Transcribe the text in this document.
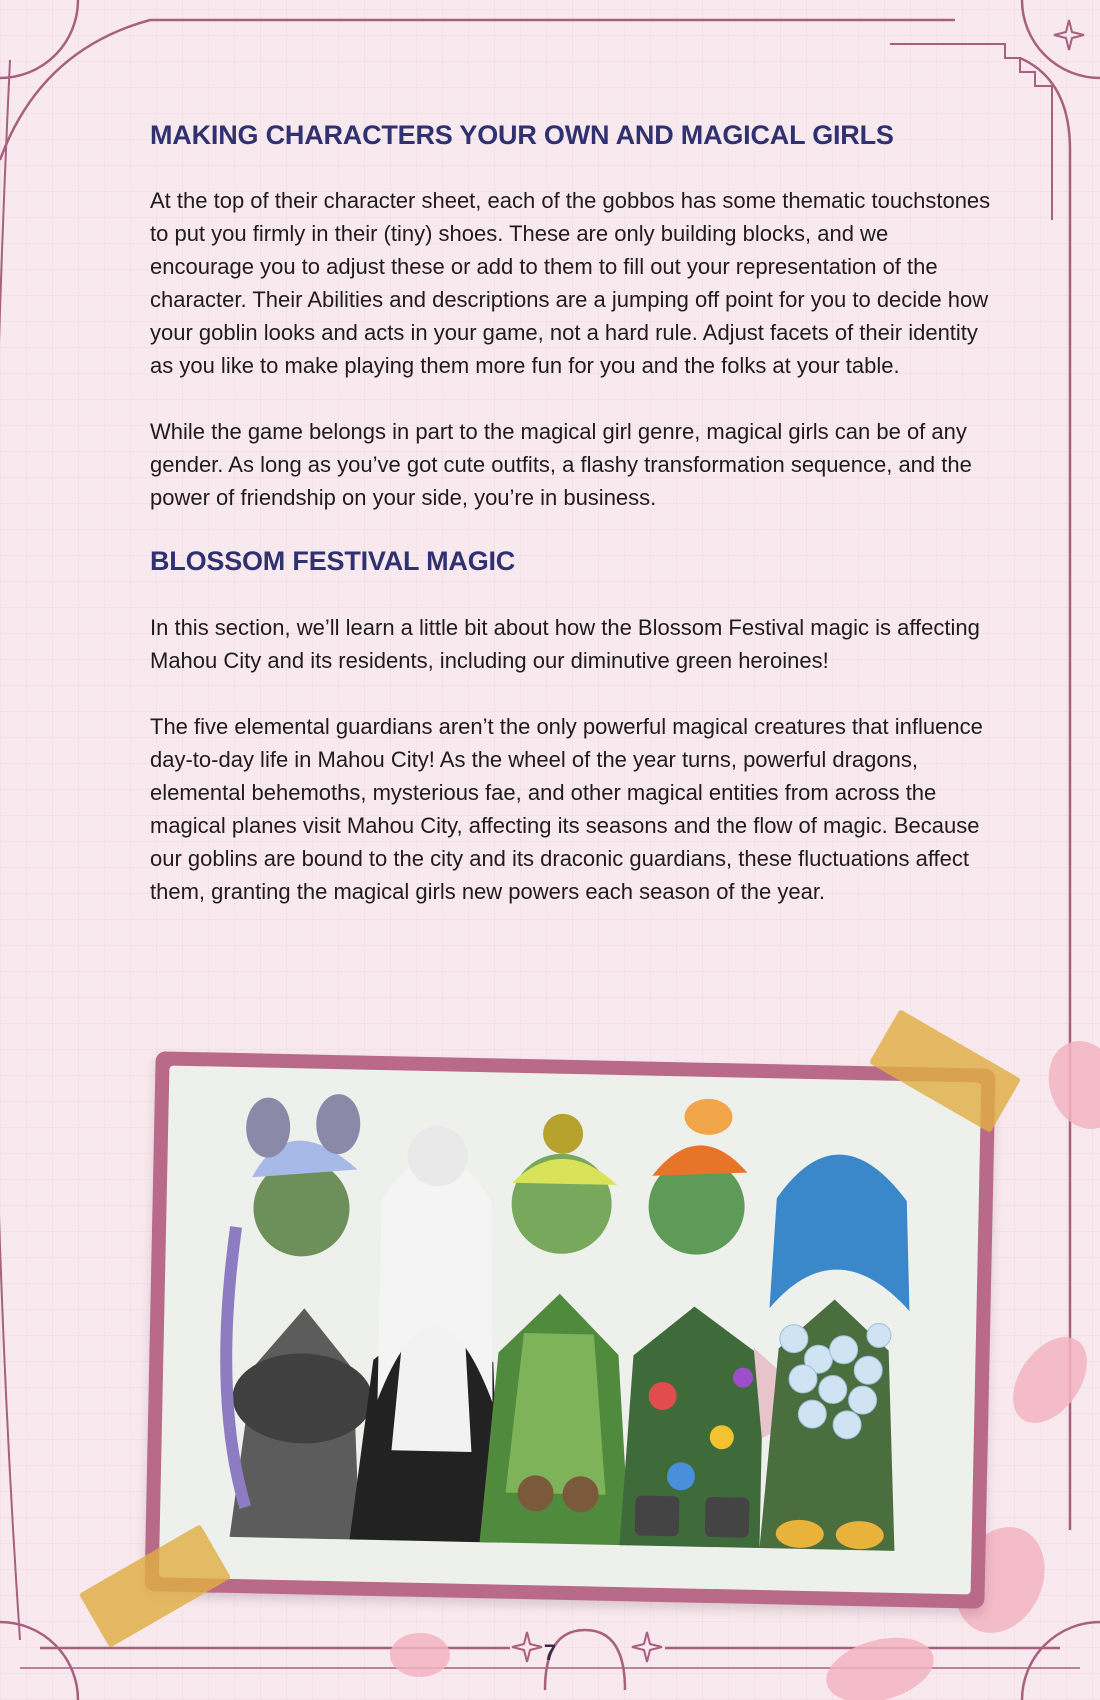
MAKING CHARACTERS YOUR OWN AND MAGICAL GIRLS

At the top of their character sheet, each of the gobbos has some thematic touchstones to put you firmly in their (tiny) shoes. These are only building blocks, and we encourage you to adjust these or add to them to fill out your representation of the character. Their Abilities and descriptions are a jumping off point for you to decide how your goblin looks and acts in your game, not a hard rule. Adjust facets of their identity as you like to make playing them more fun for you and the folks at your table.

While the game belongs in part to the magical girl genre, magical girls can be of any gender. As long as you’ve got cute outfits, a flashy transformation sequence, and the power of friendship on your side, you’re in business.

BLOSSOM FESTIVAL MAGIC

In this section, we’ll learn a little bit about how the Blossom Festival magic is affecting Mahou City and its residents, including our diminutive green heroines!

The five elemental guardians aren’t the only powerful magical creatures that influence day-to-day life in Mahou City! As the wheel of the year turns, powerful dragons, elemental behemoths, mysterious fae, and other magical entities from across the magical planes visit Mahou City, affecting its seasons and the flow of magic. Because our goblins are bound to the city and its draconic guardians, these fluctuations affect them, granting the magical girls new powers each season of the year.

7
